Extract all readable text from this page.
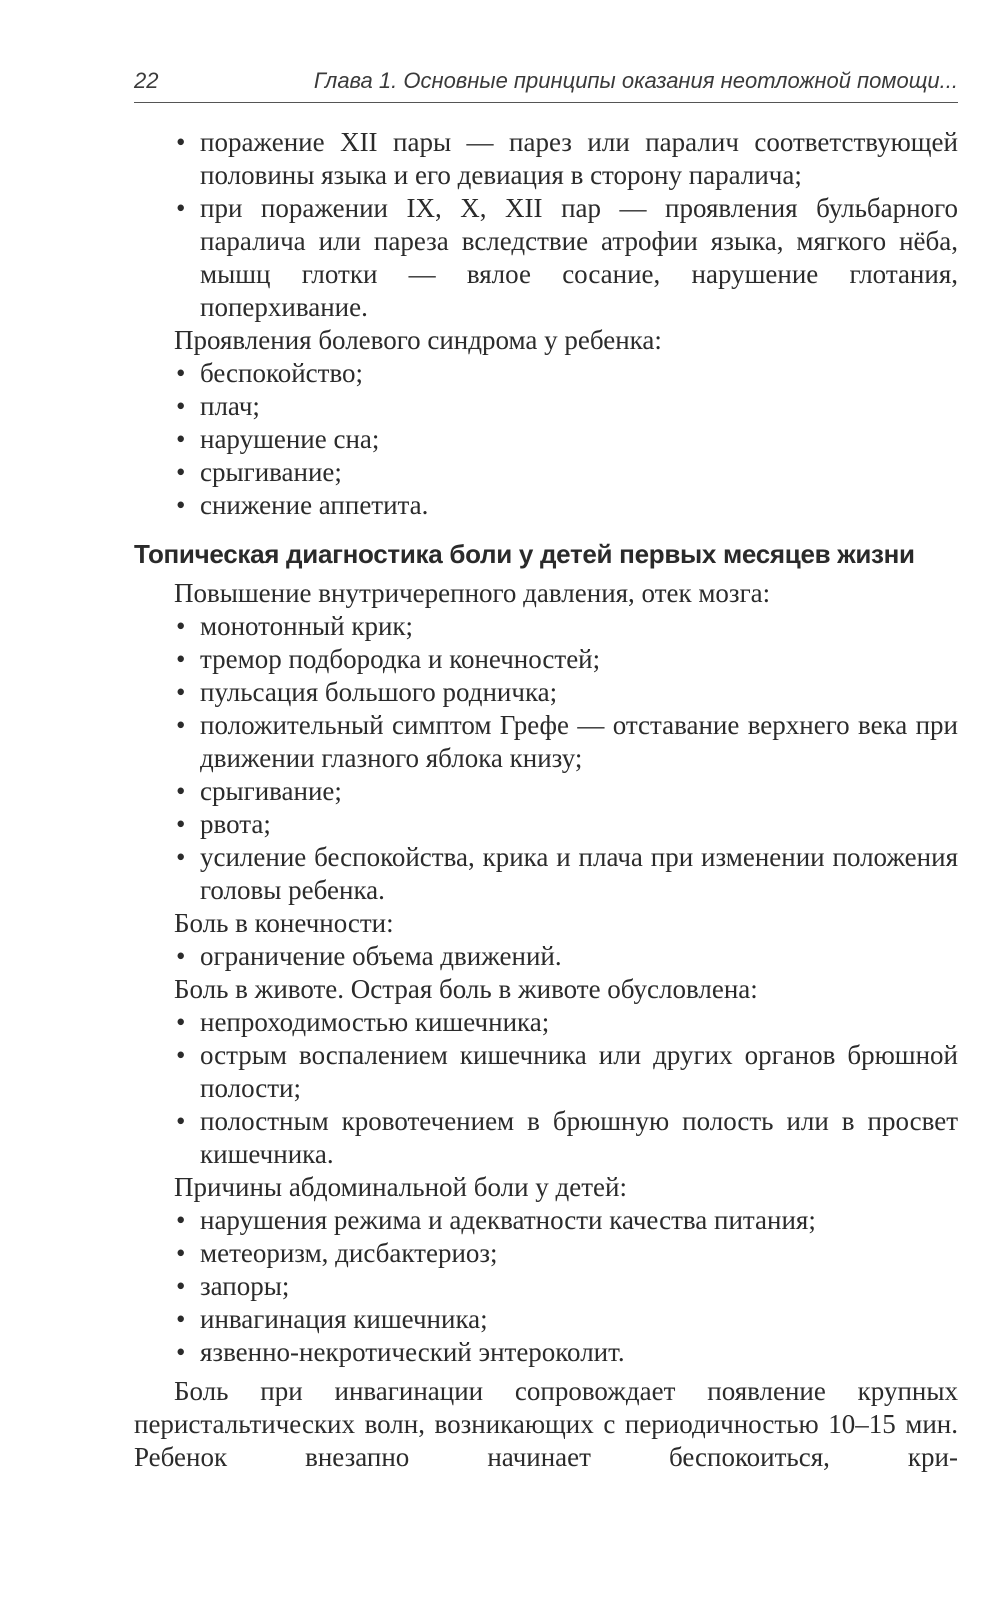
22	Глава 1. Основные принципы оказания неотложной помощи...
• поражение XII пары — парез или паралич соответствующей половины языка и его девиация в сторону паралича;
• при поражении IX, X, XII пар — проявления бульбарного паралича или пареза вследствие атрофии языка, мягкого нёба, мышц глотки — вялое сосание, нарушение глотания, поперхивание.

Проявления болевого синдрома у ребенка:

• беспокойство;
• плач;
• нарушение сна;
• срыгивание;
• снижение аппетита.
Топическая диагностика боли у детей первых месяцев жизни

Повышение внутричерепного давления, отек мозга:

• монотонный крик;
• тремор подбородка и конечностей;
• пульсация большого родничка;
• положительный симптом Грефе — отставание верхнего века при движении глазного яблока книзу;
• срыгивание;
• рвота;
• усиление беспокойства, крика и плача при изменении положения головы ребенка.

Боль в конечности:

• ограничение объема движений.

Боль в животе. Острая боль в животе обусловлена:

• непроходимостью кишечника;
• острым воспалением кишечника или других органов брюшной полости;
• полостным кровотечением в брюшную полость или в просвет кишечника.

Причины абдоминальной боли у детей:

• нарушения режима и адекватности качества питания;
• метеоризм, дисбактериоз;
• запоры;
• инвагинация кишечника;
• язвенно-некротический энтероколит.

Боль при инвагинации сопровождает появление крупных перистальтических волн, возникающих с периодичностью 10–15 мин. Ребенок внезапно начинает беспокоиться, кри-
